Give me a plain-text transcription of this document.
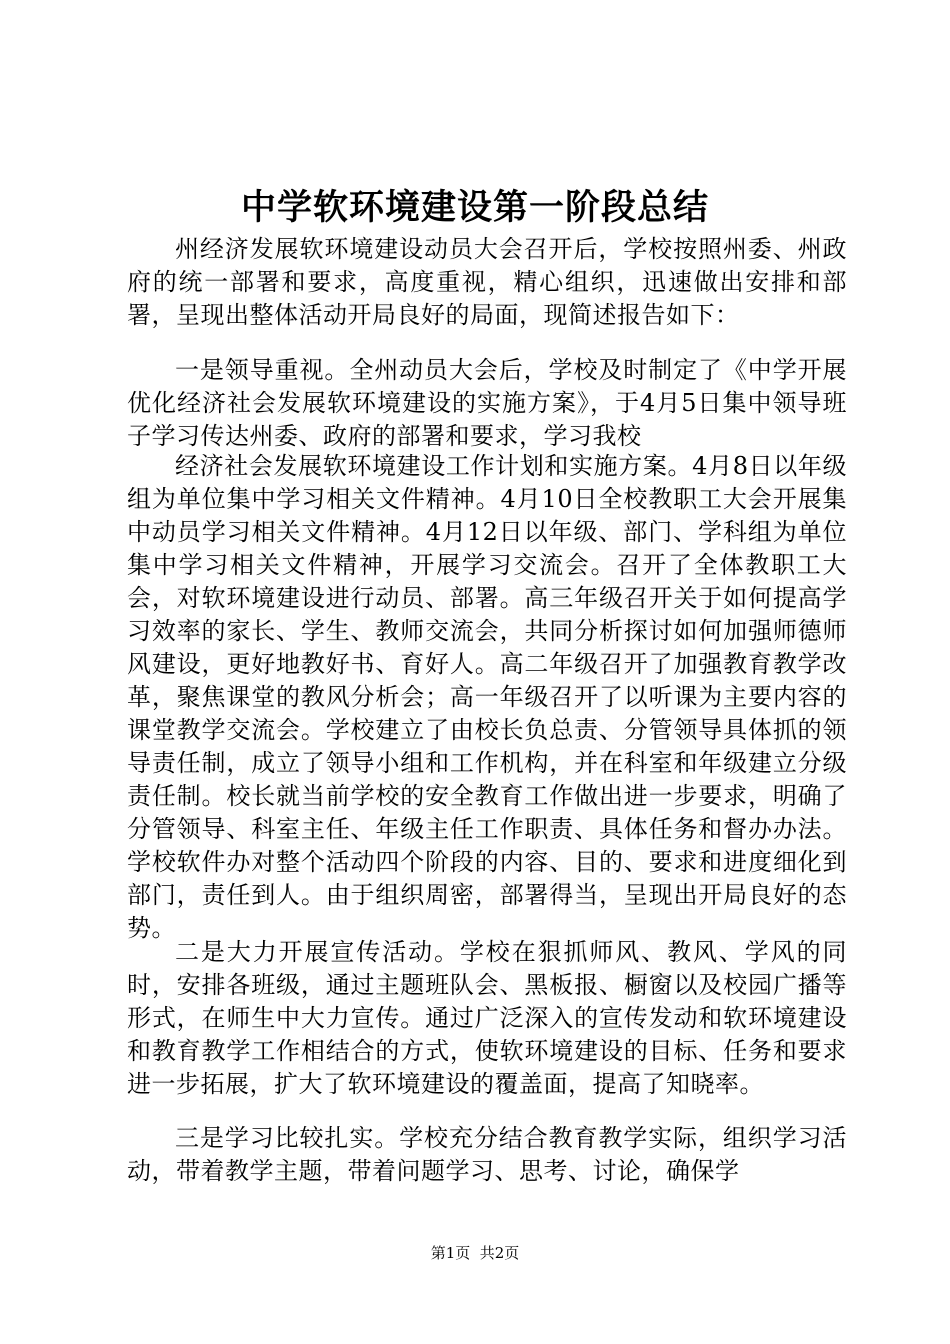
中学软环境建设第一阶段总结

州经济发展软环境建设动员大会召开后，学校按照州委、州政府的统一部署和要求，高度重视，精心组织，迅速做出安排和部署，呈现出整体活动开局良好的局面，现简述报告如下：

一是领导重视。全州动员大会后，学校及时制定了《中学开展优化经济社会发展软环境建设的实施方案》，于4月5日集中领导班子学习传达州委、政府的部署和要求，学习我校

经济社会发展软环境建设工作计划和实施方案。4月8日以年级组为单位集中学习相关文件精神。4月10日全校教职工大会开展集中动员学习相关文件精神。4月12日以年级、部门、学科组为单位集中学习相关文件精神，开展学习交流会。召开了全体教职工大会，对软环境建设进行动员、部署。高三年级召开关于如何提高学习效率的家长、学生、教师交流会，共同分析探讨如何加强师德师风建设，更好地教好书、育好人。高二年级召开了加强教育教学改革，聚焦课堂的教风分析会；高一年级召开了以听课为主要内容的课堂教学交流会。学校建立了由校长负总责、分管领导具体抓的领导责任制，成立了领导小组和工作机构，并在科室和年级建立分级责任制。校长就当前学校的安全教育工作做出进一步要求，明确了分管领导、科室主任、年级主任工作职责、具体任务和督办办法。学校软件办对整个活动四个阶段的内容、目的、要求和进度细化到部门，责任到人。由于组织周密，部署得当，呈现出开局良好的态势。

二是大力开展宣传活动。学校在狠抓师风、教风、学风的同时，安排各班级，通过主题班队会、黑板报、橱窗以及校园广播等形式，在师生中大力宣传。通过广泛深入的宣传发动和软环境建设和教育教学工作相结合的方式，使软环境建设的目标、任务和要求进一步拓展，扩大了软环境建设的覆盖面，提高了知晓率。

三是学习比较扎实。学校充分结合教育教学实际，组织学习活动，带着教学主题，带着问题学习、思考、讨论，确保学

第1页  共2页
